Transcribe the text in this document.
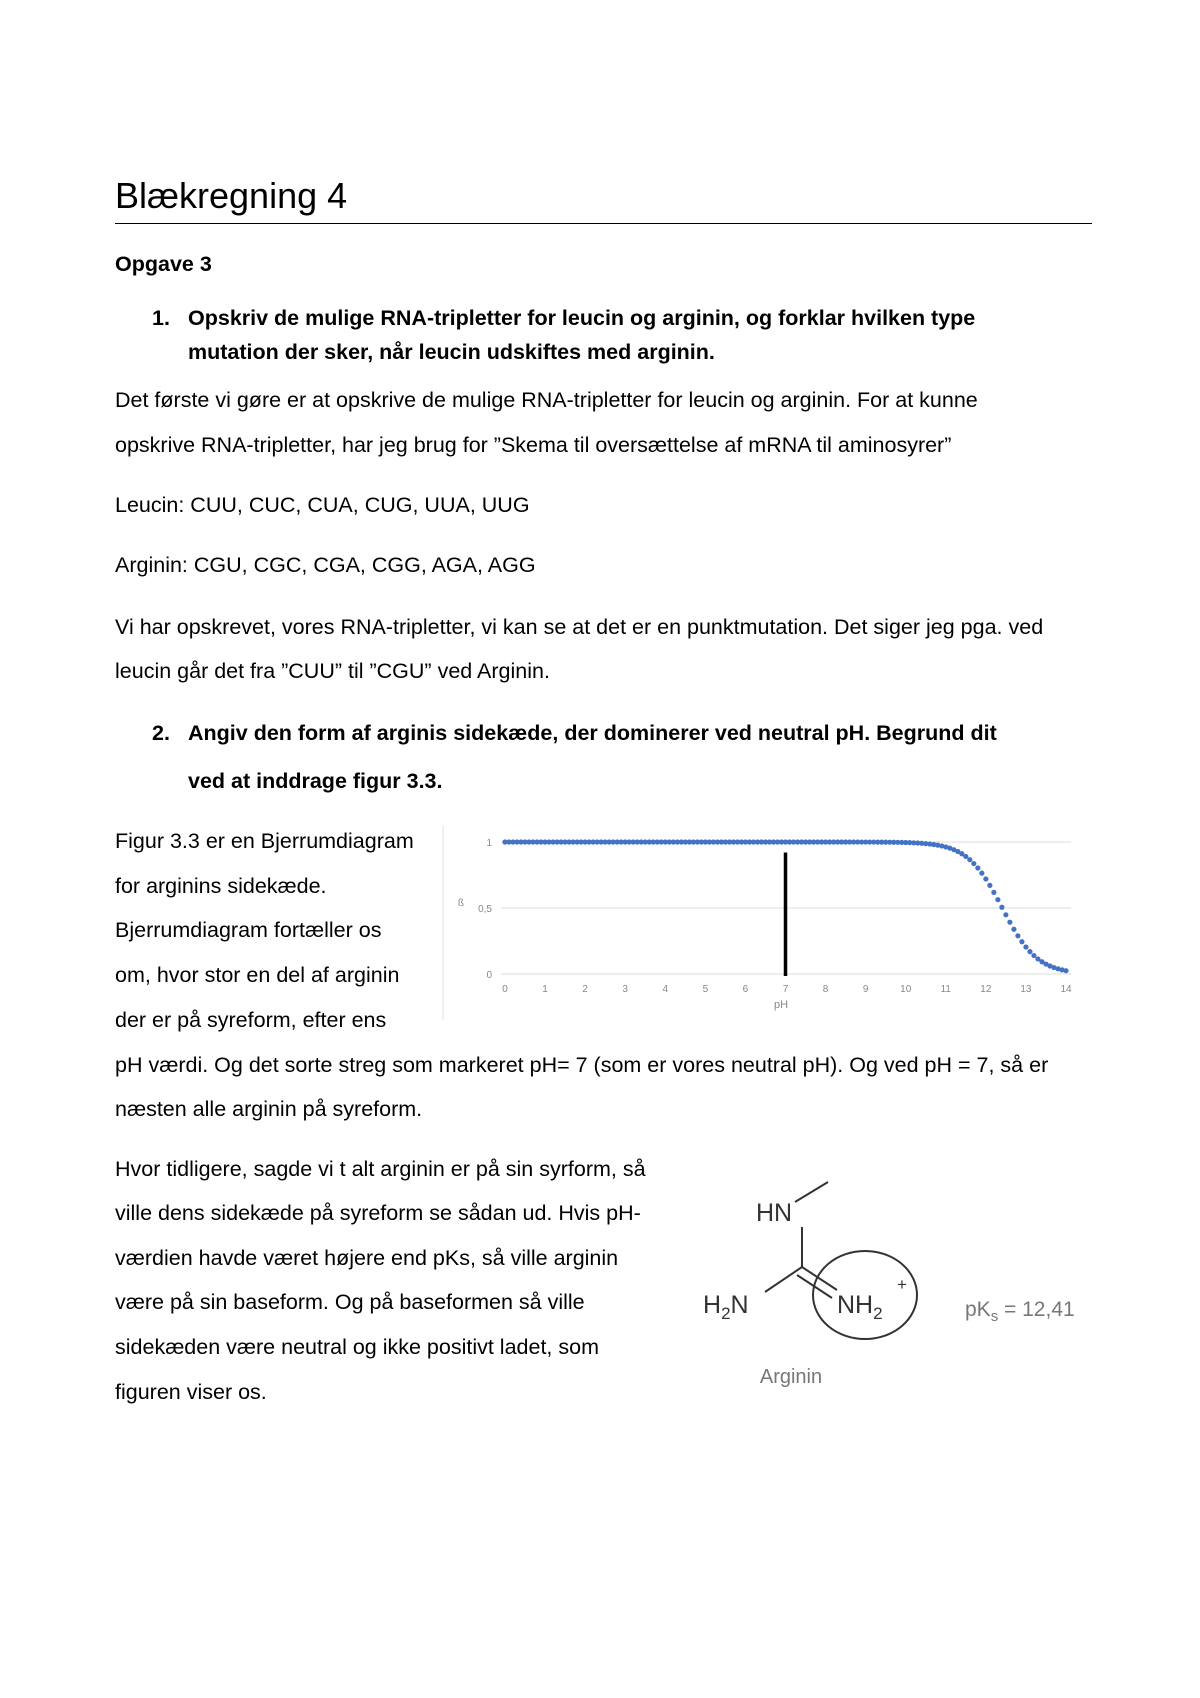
Blækregning 4
Opgave 3
1. Opskriv de mulige RNA-tripletter for leucin og arginin, og forklar hvilken type
mutation der sker, når leucin udskiftes med arginin.
Det første vi gøre er at opskrive de mulige RNA-tripletter for leucin og arginin. For at kunne
opskrive RNA-tripletter, har jeg brug for ”Skema til oversættelse af mRNA til aminosyrer”
Leucin: CUU, CUC, CUA, CUG, UUA, UUG
Arginin: CGU, CGC, CGA, CGG, AGA, AGG
Vi har opskrevet, vores RNA-tripletter, vi kan se at det er en punktmutation. Det siger jeg pga. ved
leucin går det fra ”CUU” til ”CGU” ved Arginin.
2. Angiv den form af arginis sidekæde, der dominerer ved neutral pH. Begrund dit
ved at inddrage figur 3.3.
Figur 3.3 er en Bjerrumdiagram
for arginins sidekæde.
Bjerrumdiagram fortæller os
om, hvor stor en del af arginin
der er på syreform, efter ens
pH værdi. Og det sorte streg som markeret pH= 7 (som er vores neutral pH). Og ved pH = 7, så er
næsten alle arginin på syreform.
0
0,5
1
0	1	2	3	4	5	6	7	8	9	10	11	12	13	14
ß
pH
Hvor tidligere, sagde vi t alt arginin er på sin syrform, så
ville dens sidekæde på syreform se sådan ud. Hvis pH-
værdien havde været højere end pKs, så ville arginin
være på sin baseform. Og på baseformen så ville
sidekæden være neutral og ikke positivt ladet, som
figuren viser os.
HN
$H_2N$	$NH_2$
+
$pK_s = 12,41$
Arginin
